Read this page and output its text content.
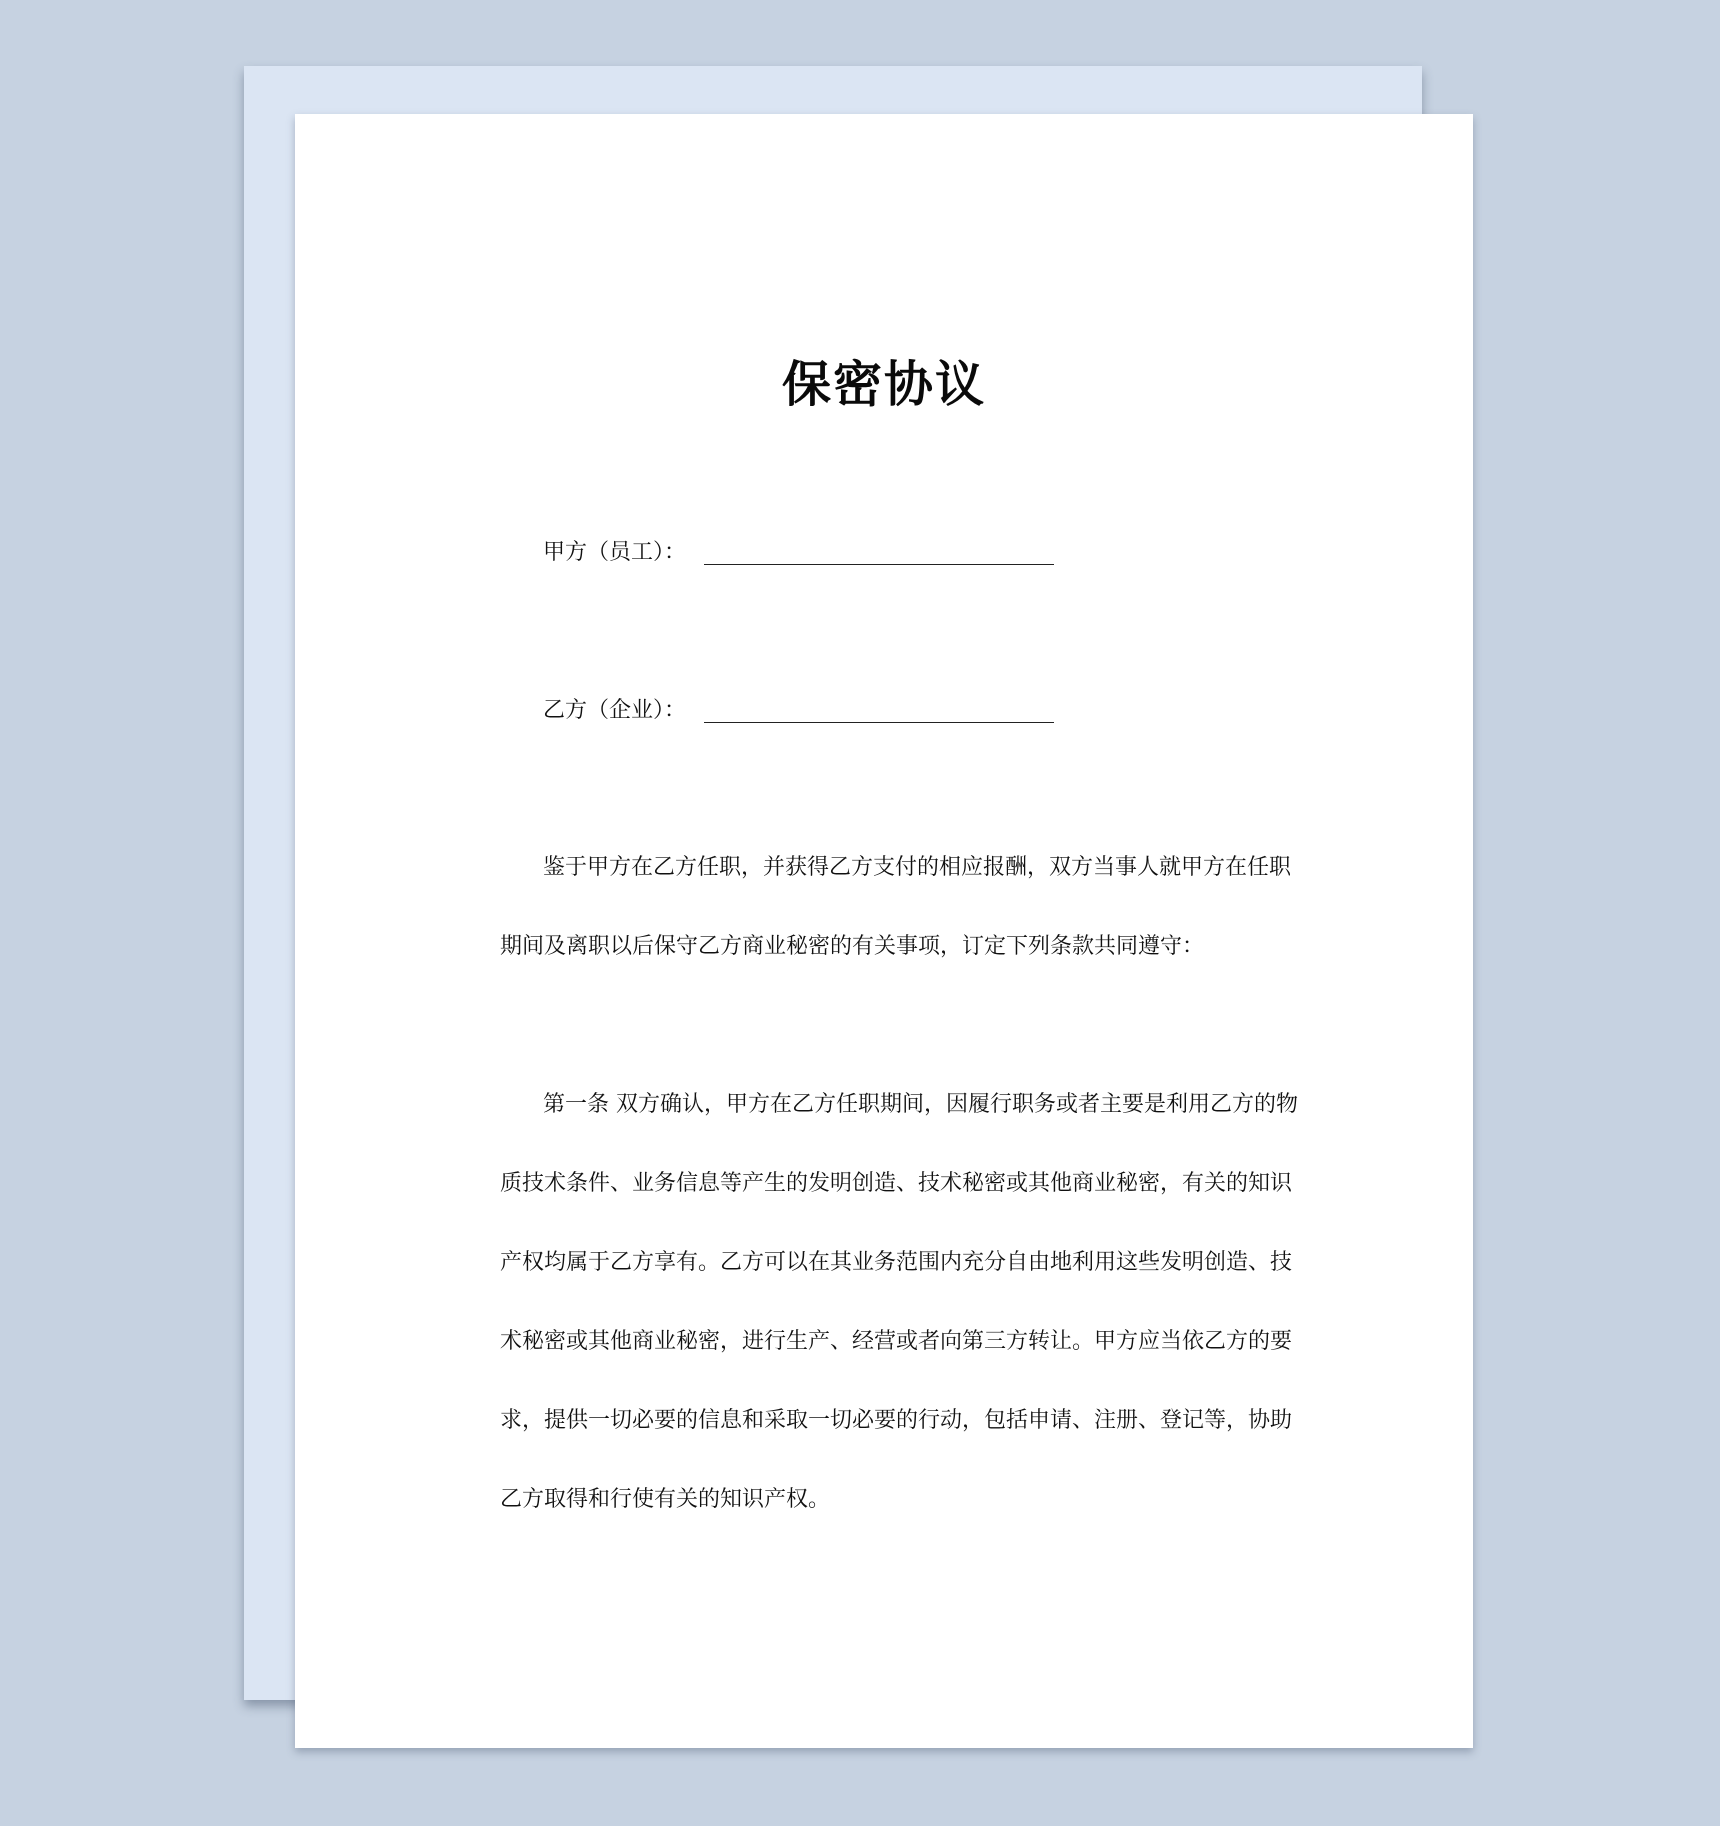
保密协议
甲方（员工）：
乙方（企业）：
鉴于甲方在乙方任职，并获得乙方支付的相应报酬，双方当事人就甲方在任职
期间及离职以后保守乙方商业秘密的有关事项，订定下列条款共同遵守：
第一条 双方确认，甲方在乙方任职期间，因履行职务或者主要是利用乙方的物
质技术条件、业务信息等产生的发明创造、技术秘密或其他商业秘密，有关的知识
产权均属于乙方享有。乙方可以在其业务范围内充分自由地利用这些发明创造、技
术秘密或其他商业秘密，进行生产、经营或者向第三方转让。甲方应当依乙方的要
求，提供一切必要的信息和采取一切必要的行动，包括申请、注册、登记等，协助
乙方取得和行使有关的知识产权。
